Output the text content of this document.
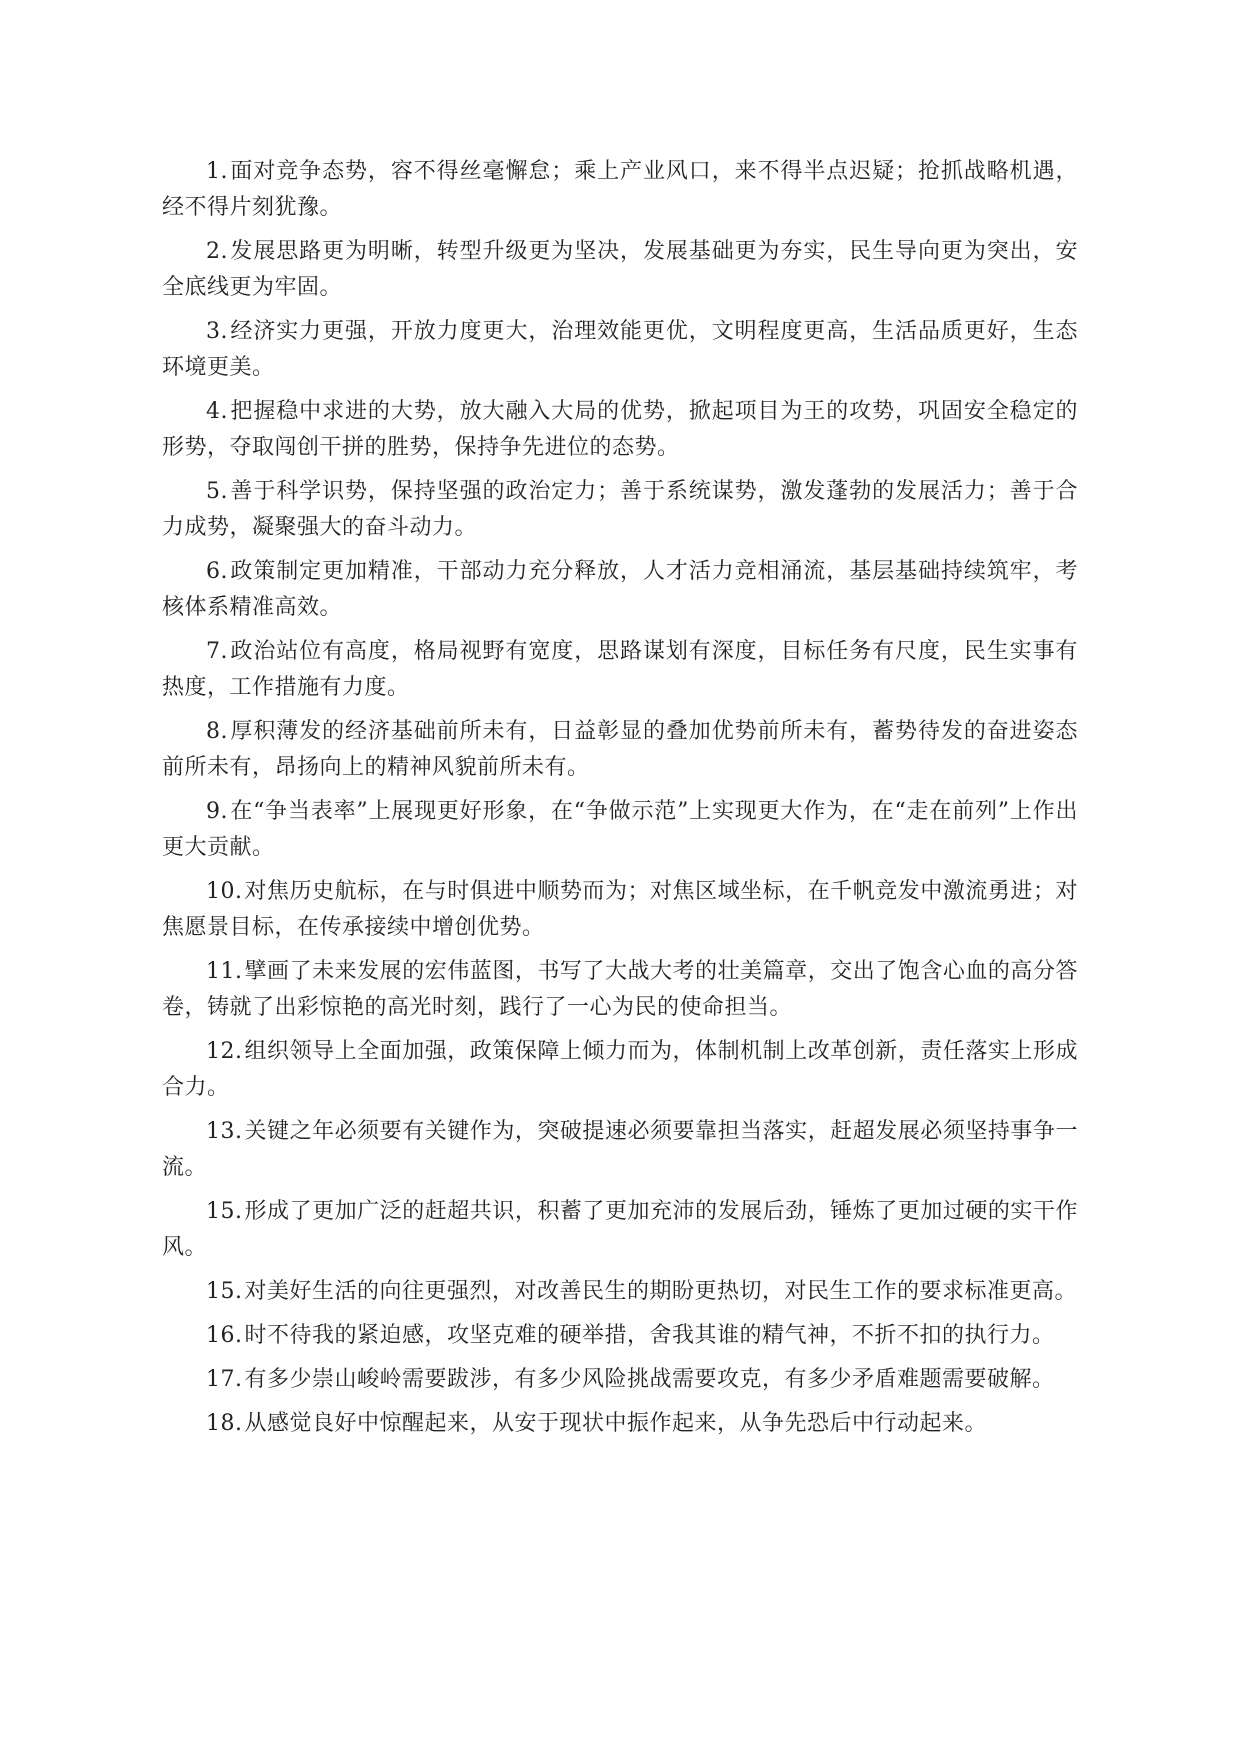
1.面对竞争态势，容不得丝毫懈怠；乘上产业风口，来不得半点迟疑；抢抓战略机遇，经不得片刻犹豫。

2.发展思路更为明晰，转型升级更为坚决，发展基础更为夯实，民生导向更为突出，安全底线更为牢固。

3.经济实力更强，开放力度更大，治理效能更优，文明程度更高，生活品质更好，生态环境更美。

4.把握稳中求进的大势，放大融入大局的优势，掀起项目为王的攻势，巩固安全稳定的形势，夺取闯创干拼的胜势，保持争先进位的态势。

5.善于科学识势，保持坚强的政治定力；善于系统谋势，激发蓬勃的发展活力；善于合力成势，凝聚强大的奋斗动力。

6.政策制定更加精准，干部动力充分释放，人才活力竞相涌流，基层基础持续筑牢，考核体系精准高效。

7.政治站位有高度，格局视野有宽度，思路谋划有深度，目标任务有尺度，民生实事有热度，工作措施有力度。

8.厚积薄发的经济基础前所未有，日益彰显的叠加优势前所未有，蓄势待发的奋进姿态前所未有，昂扬向上的精神风貌前所未有。

9.在“争当表率”上展现更好形象，在“争做示范”上实现更大作为，在“走在前列”上作出更大贡献。

10.对焦历史航标，在与时俱进中顺势而为；对焦区域坐标，在千帆竞发中激流勇进；对焦愿景目标，在传承接续中增创优势。

11.擘画了未来发展的宏伟蓝图，书写了大战大考的壮美篇章，交出了饱含心血的高分答卷，铸就了出彩惊艳的高光时刻，践行了一心为民的使命担当。

12.组织领导上全面加强，政策保障上倾力而为，体制机制上改革创新，责任落实上形成合力。

13.关键之年必须要有关键作为，突破提速必须要靠担当落实，赶超发展必须坚持事争一流。

15.形成了更加广泛的赶超共识，积蓄了更加充沛的发展后劲，锤炼了更加过硬的实干作风。

15.对美好生活的向往更强烈，对改善民生的期盼更热切，对民生工作的要求标准更高。

16.时不待我的紧迫感，攻坚克难的硬举措，舍我其谁的精气神，不折不扣的执行力。

17.有多少崇山峻岭需要跋涉，有多少风险挑战需要攻克，有多少矛盾难题需要破解。

18.从感觉良好中惊醒起来，从安于现状中振作起来，从争先恐后中行动起来。
